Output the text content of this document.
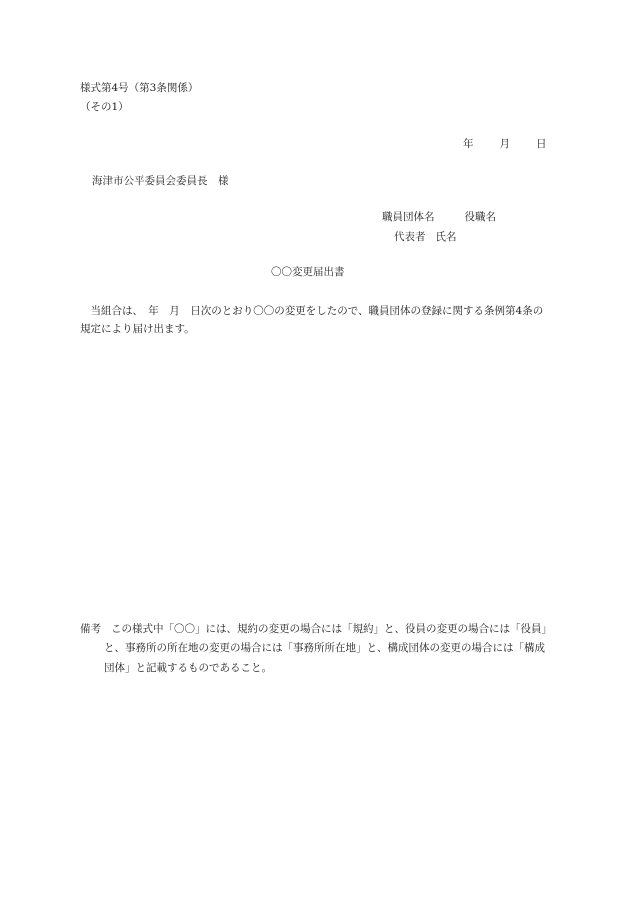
様式第4号（第3条関係）
（その1）
年 月 日
海津市公平委員会委員長　様
職員団体名	役職名
代表者 氏名
〇〇変更届出書
当組合は、　年　月　日次のとおり〇〇の変更をしたので、職員団体の登録に関する条例第4条の規定により届け出ます。
備考 この様式中「〇〇」には、規約の変更の場合には「規約」と、役員の変更の場合には「役員」と、事務所の所在地の変更の場合には「事務所所在地」と、構成団体の変更の場合には「構成団体」と記載するものであること。
